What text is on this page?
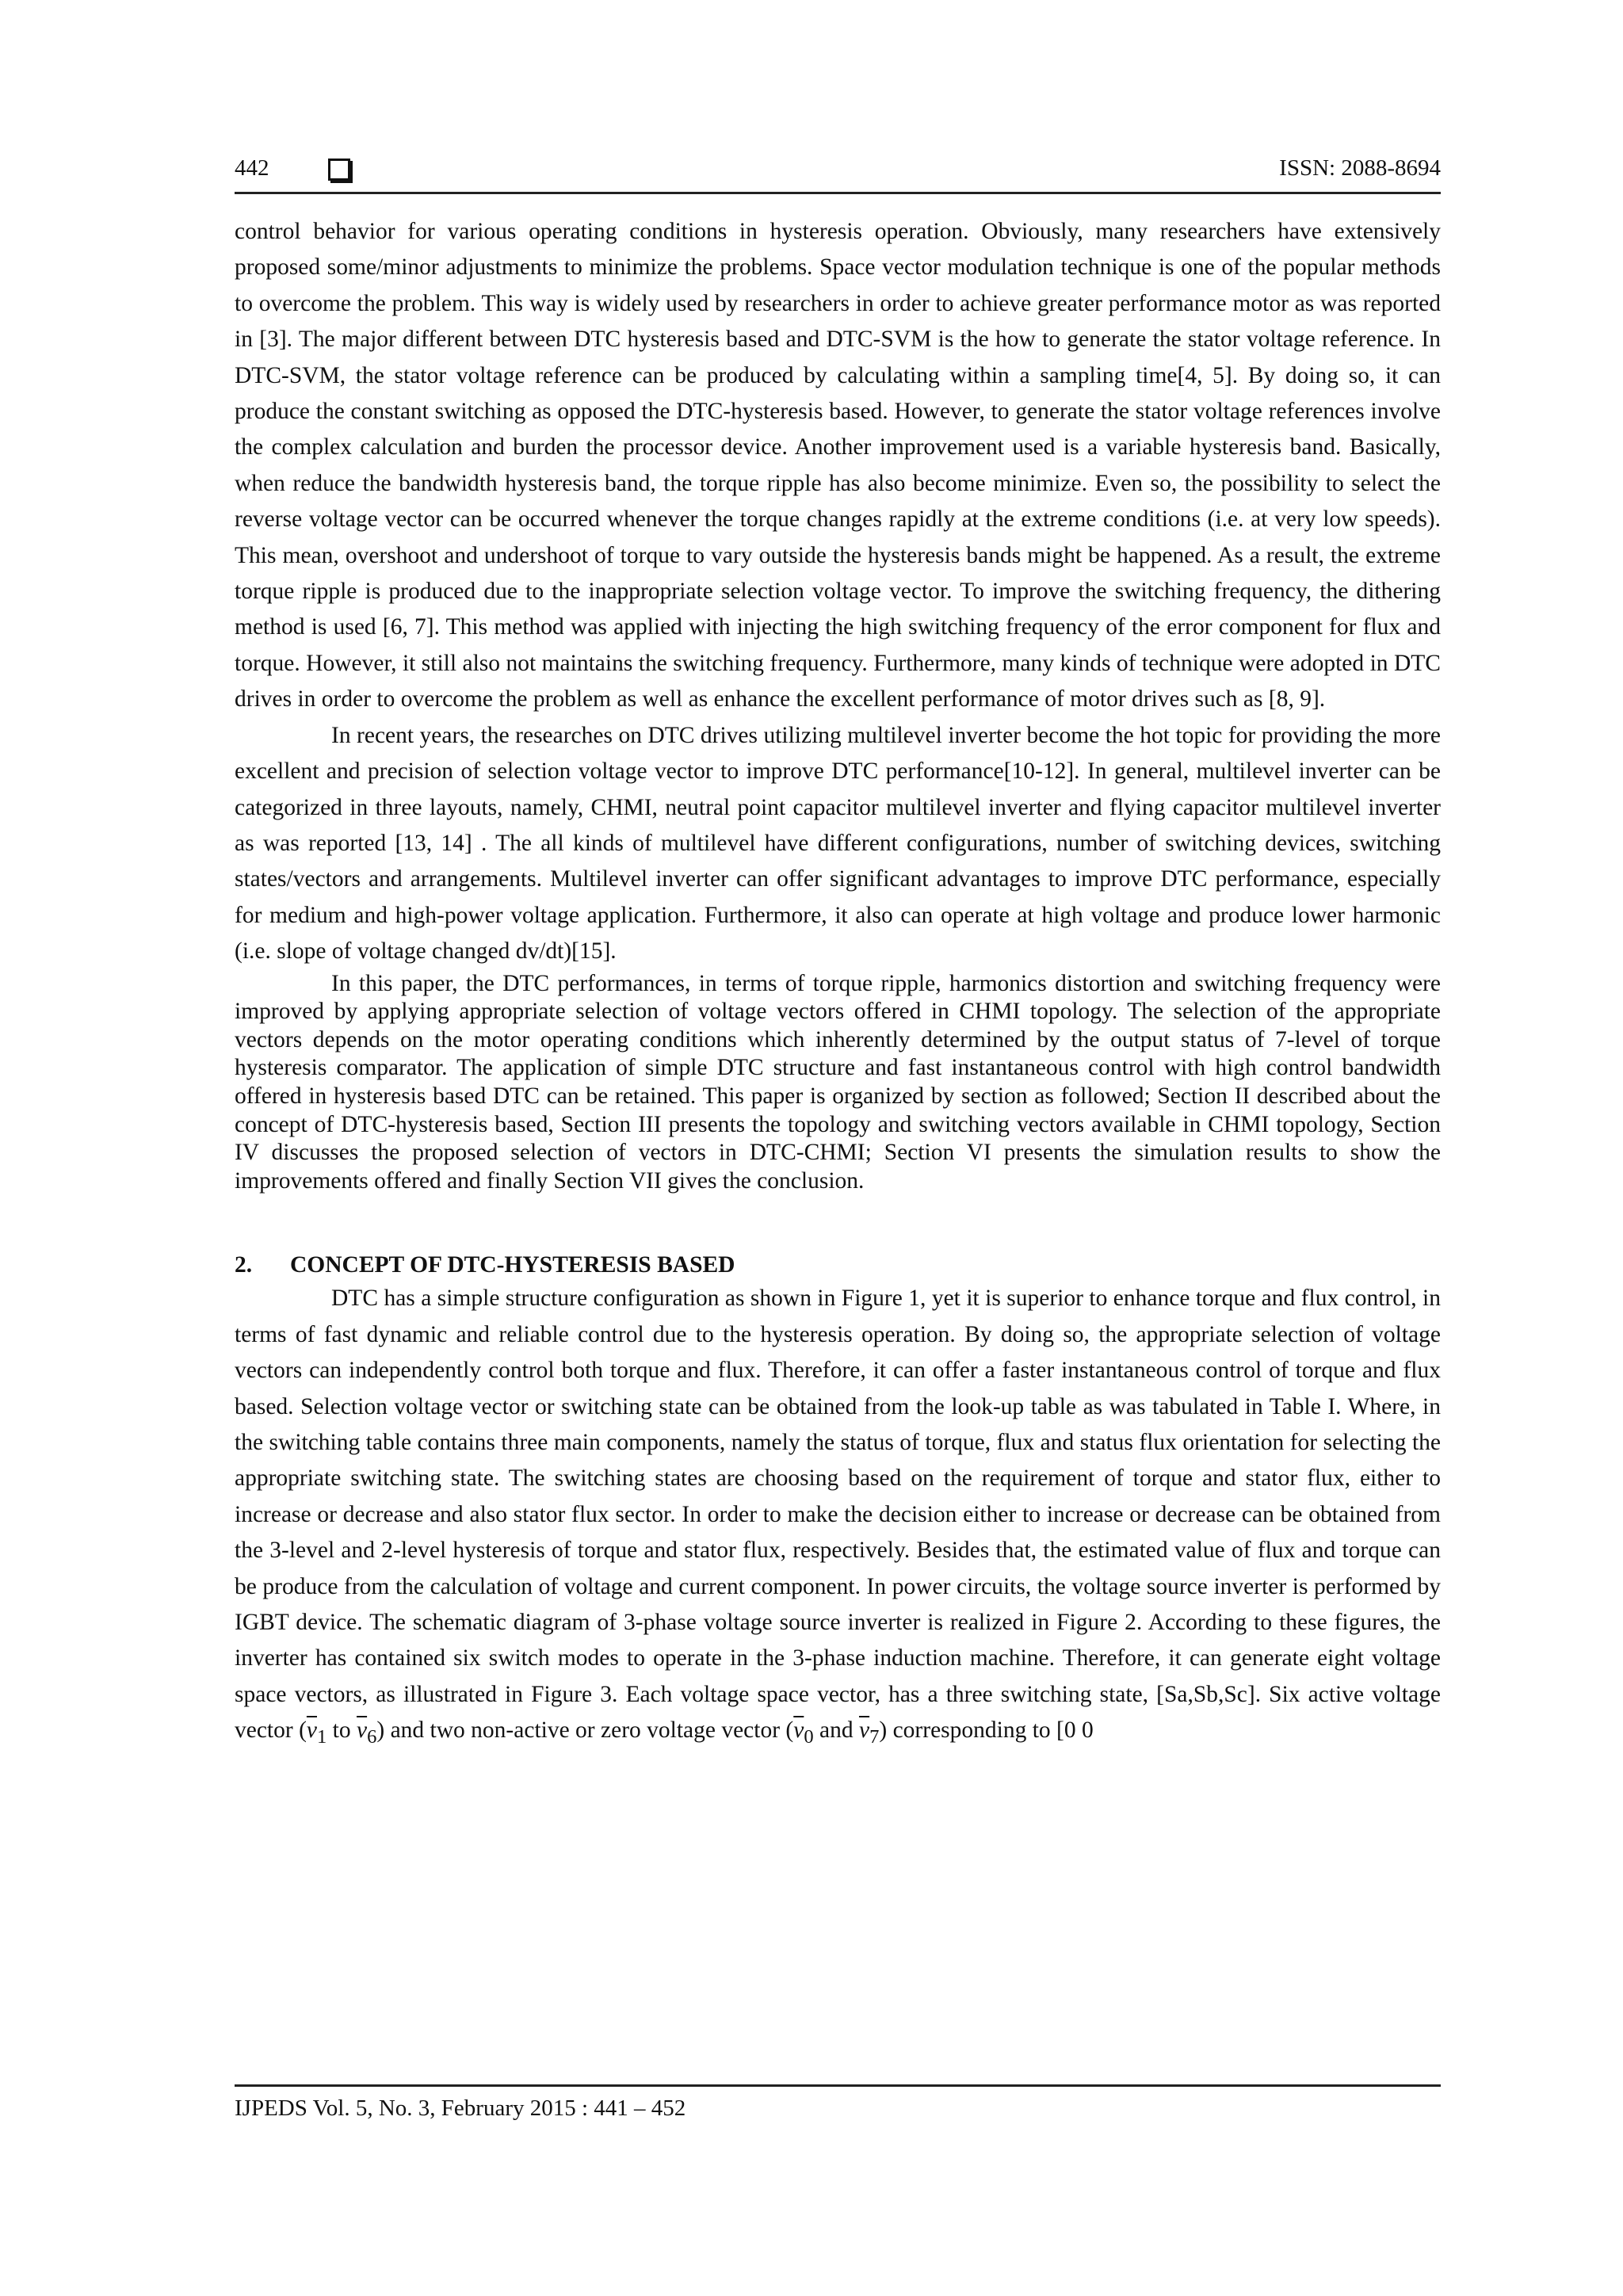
442	ISSN: 2088-8694

control behavior for various operating conditions in hysteresis operation. Obviously, many researchers have extensively proposed some/minor adjustments to minimize the problems. Space vector modulation technique is one of the popular methods to overcome the problem. This way is widely used by researchers in order to achieve greater performance motor as was reported in [3]. The major different between DTC hysteresis based and DTC-SVM is the how to generate the stator voltage reference. In DTC-SVM, the stator voltage reference can be produced by calculating within a sampling time[4, 5]. By doing so, it can produce the constant switching as opposed the DTC-hysteresis based. However, to generate the stator voltage references involve the complex calculation and burden the processor device. Another improvement used is a variable hysteresis band. Basically, when reduce the bandwidth hysteresis band, the torque ripple has also become minimize. Even so, the possibility to select the reverse voltage vector can be occurred whenever the torque changes rapidly at the extreme conditions (i.e. at very low speeds). This mean, overshoot and undershoot of torque to vary outside the hysteresis bands might be happened. As a result, the extreme torque ripple is produced due to the inappropriate selection voltage vector. To improve the switching frequency, the dithering method is used [6, 7]. This method was applied with injecting the high switching frequency of the error component for flux and torque. However, it still also not maintains the switching frequency. Furthermore, many kinds of technique were adopted in DTC drives in order to overcome the problem as well as enhance the excellent performance of motor drives such as [8, 9].

In recent years, the researches on DTC drives utilizing multilevel inverter become the hot topic for providing the more excellent and precision of selection voltage vector to improve DTC performance[10-12]. In general, multilevel inverter can be categorized in three layouts, namely, CHMI, neutral point capacitor multilevel inverter and flying capacitor multilevel inverter as was reported [13, 14] . The all kinds of multilevel have different configurations, number of switching devices, switching states/vectors and arrangements. Multilevel inverter can offer significant advantages to improve DTC performance, especially for medium and high-power voltage application. Furthermore, it also can operate at high voltage and produce lower harmonic (i.e. slope of voltage changed dv/dt)[15].

In this paper, the DTC performances, in terms of torque ripple, harmonics distortion and switching frequency were improved by applying appropriate selection of voltage vectors offered in CHMI topology. The selection of the appropriate vectors depends on the motor operating conditions which inherently determined by the output status of 7-level of torque hysteresis comparator. The application of simple DTC structure and fast instantaneous control with high control bandwidth offered in hysteresis based DTC can be retained. This paper is organized by section as followed; Section II described about the concept of DTC-hysteresis based, Section III presents the topology and switching vectors available in CHMI topology, Section IV discusses the proposed selection of vectors in DTC-CHMI; Section VI presents the simulation results to show the improvements offered and finally Section VII gives the conclusion.

2. CONCEPT OF DTC-HYSTERESIS BASED

DTC has a simple structure configuration as shown in Figure 1, yet it is superior to enhance torque and flux control, in terms of fast dynamic and reliable control due to the hysteresis operation. By doing so, the appropriate selection of voltage vectors can independently control both torque and flux. Therefore, it can offer a faster instantaneous control of torque and flux based. Selection voltage vector or switching state can be obtained from the look-up table as was tabulated in Table I. Where, in the switching table contains three main components, namely the status of torque, flux and status flux orientation for selecting the appropriate switching state. The switching states are choosing based on the requirement of torque and stator flux, either to increase or decrease and also stator flux sector. In order to make the decision either to increase or decrease can be obtained from the 3-level and 2-level hysteresis of torque and stator flux, respectively. Besides that, the estimated value of flux and torque can be produce from the calculation of voltage and current component. In power circuits, the voltage source inverter is performed by IGBT device. The schematic diagram of 3-phase voltage source inverter is realized in Figure 2. According to these figures, the inverter has contained six switch modes to operate in the 3-phase induction machine. Therefore, it can generate eight voltage space vectors, as illustrated in Figure 3. Each voltage space vector, has a three switching state, [Sa,Sb,Sc]. Six active voltage vector ($\overline{v}_1$ to $\overline{v}_6$) and two non-active or zero voltage vector ($\overline{v}_0$ and $\overline{v}_7$) corresponding to [0 0

IJPEDS Vol. 5, No. 3, February 2015 : 441 – 452
